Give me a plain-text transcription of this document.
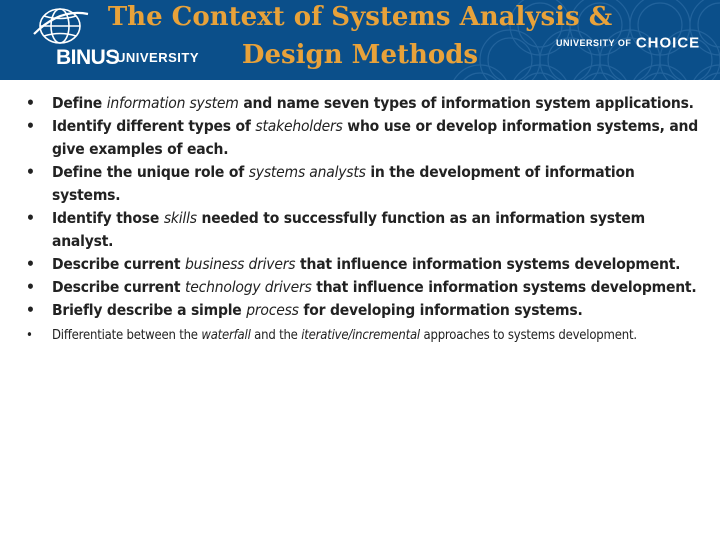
BINUS
UNIVERSITY
UNIVERSITY OF CHOICE
The Context of Systems Analysis &
Design Methods
• Define information system and name seven types of information system applications.
• Identify different types of stakeholders who use or develop information systems, and give examples of each.
• Define the unique role of systems analysts in the development of information systems.
• Identify those skills needed to successfully function as an information system analyst.
• Describe current business drivers that influence information systems development.
• Describe current technology drivers that influence information systems development.
• Briefly describe a simple process for developing information systems.
• Differentiate between the waterfall and the iterative/incremental approaches to systems development.
